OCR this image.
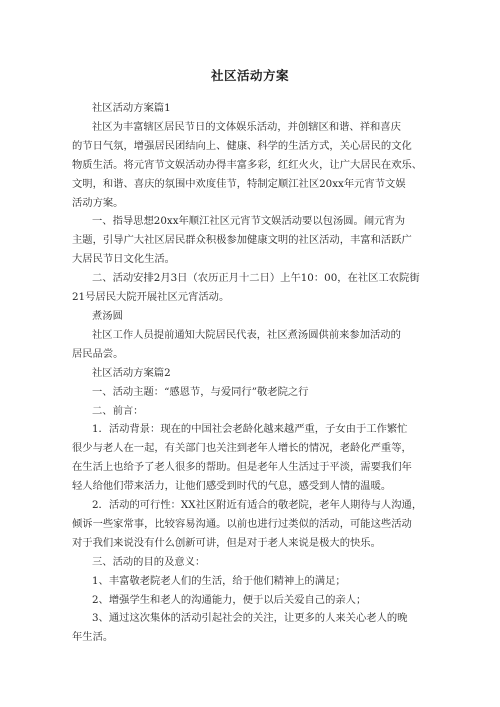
社区活动方案
社区活动方案篇1
社区为丰富辖区居民节日的文体娱乐活动，并创辖区和谐、祥和喜庆
的节日气氛，增强居民团结向上、健康、科学的生活方式，关心居民的文化
物质生活。将元宵节文娱活动办得丰富多彩，红红火火，让广大居民在欢乐、
文明，和谐、喜庆的氛围中欢度佳节，特制定顺江社区20xx年元宵节文娱
活动方案。
一、指导思想20xx年顺江社区元宵节文娱活动要以包汤圆。闹元宵为
主题，引导广大社区居民群众积极参加健康文明的社区活动，丰富和活跃广
大居民节日文化生活。
二、活动安排2月3日（农历正月十二日）上午10：00，在社区工农院街
21号居民大院开展社区元宵活动。
煮汤圆
社区工作人员提前通知大院居民代表，社区煮汤圆供前来参加活动的
居民品尝。
社区活动方案篇2
一、活动主题：“感恩节，与爱同行”敬老院之行
二、前言：
1．活动背景：现在的中国社会老龄化越来越严重，子女由于工作繁忙
很少与老人在一起，有关部门也关注到老年人增长的情况，老龄化严重等，
在生活上也给予了老人很多的帮助。但是老年人生活过于平淡，需要我们年
轻人给他们带来活力，让他们感受到时代的气息，感受到人情的温暖。
2．活动的可行性：XX社区附近有适合的敬老院，老年人期待与人沟通，
倾诉一些家常事，比较容易沟通。以前也进行过类似的活动，可能这些活动
对于我们来说没有什么创新可讲，但是对于老人来说是极大的快乐。
三、活动的目的及意义：
1、丰富敬老院老人们的生活，给于他们精神上的满足；
2、增强学生和老人的沟通能力，便于以后关爱自己的亲人；
3、通过这次集体的活动引起社会的关注，让更多的人来关心老人的晚
年生活。
